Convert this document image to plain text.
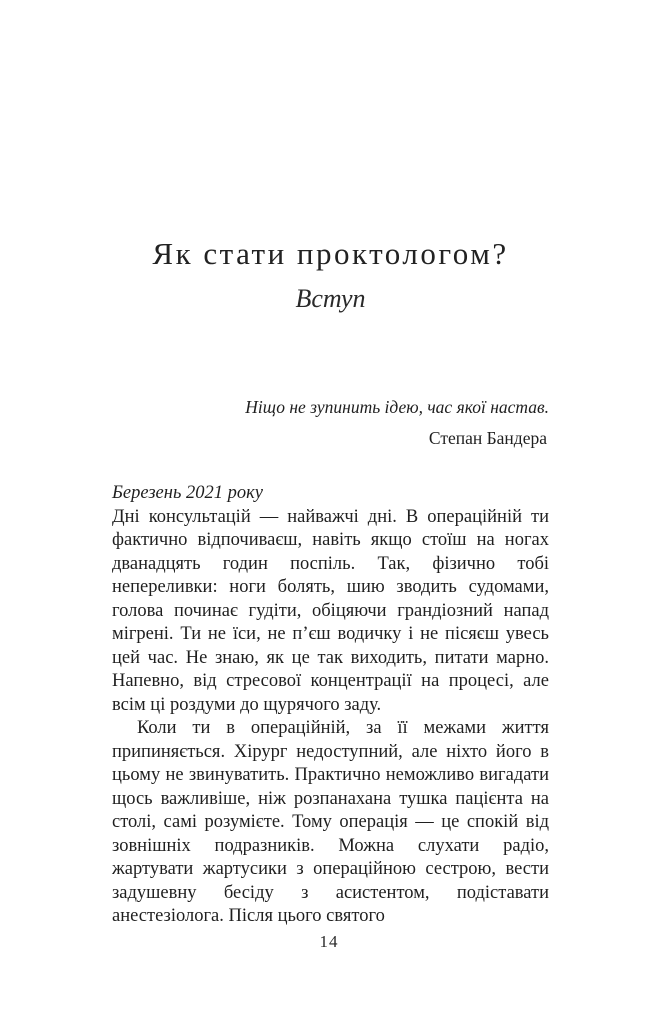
Як стати проктологом?
Вступ
Ніщо не зупинить ідею, час якої настав.
Степан Бандера
Березень 2021 року

Дні консультацій — найважчі дні. В операційній ти фактично відпочиваєш, навіть якщо стоїш на ногах дванадцять годин поспіль. Так, фізично тобі непереливки: ноги болять, шию зводить судомами, голова починає гудіти, обіцяючи грандіозний напад мігрені. Ти не їси, не п’єш водичку і не пісяєш увесь цей час. Не знаю, як це так виходить, питати марно. Напевно, від стресової концентрації на процесі, але всім ці роздуми до щурячого заду.

Коли ти в операційній, за її межами життя припиняється. Хірург недоступний, але ніхто його в цьому не звинуватить. Практично неможливо вигадати щось важливіше, ніж розпанахана тушка пацієнта на столі, самі розумієте. Тому операція — це спокій від зовнішніх подразників. Можна слухати радіо, жартувати жартусики з операційною сестрою, вести задушевну бесіду з асистентом, подіставати анестезіолога. Після цього святого

14
